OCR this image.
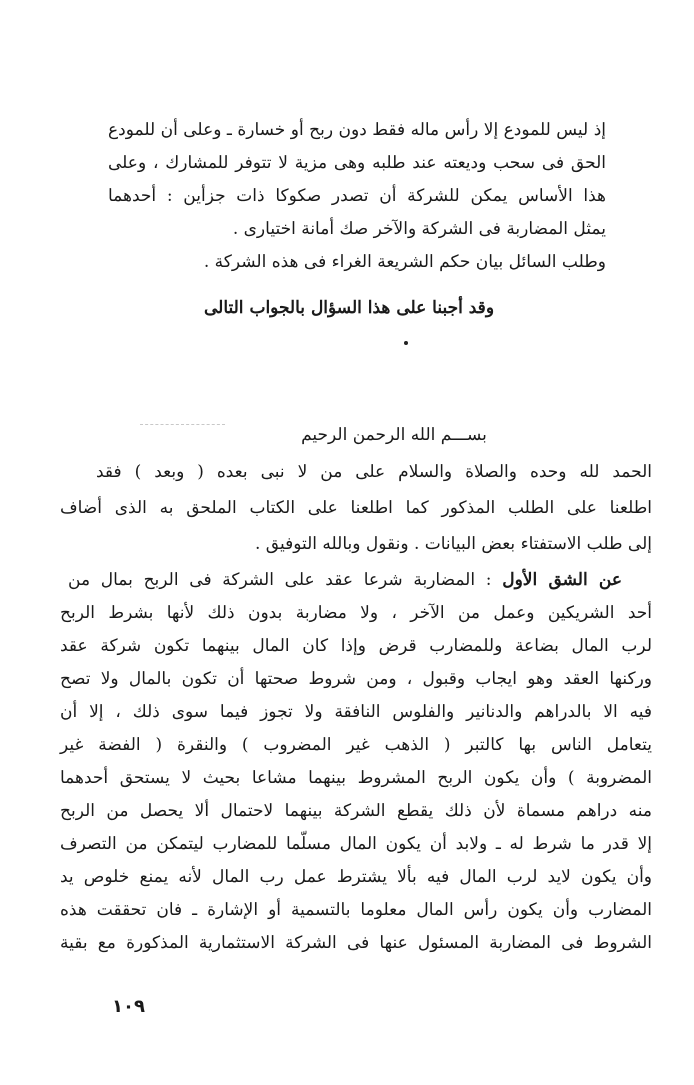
إذ ليس للمودع إلا رأس ماله فقط دون ربح أو خسارة ـ وعلى أن للمودع
الحق فى سحب وديعته عند طلبه وهى مزية لا تتوفر للمشارك ، وعلى
هذا الأساس يمكن للشركة أن تصدر صكوكا ذات جزأين : أحدهما
يمثل المضاربة فى الشركة والآخر صك أمانة اختيارى .
وطلب السائل بيان حكم الشريعة الغراء فى هذه الشركة .
وقد أجبنا على هذا السؤال بالجواب التالى
بســـم الله الرحمن الرحيم
الحمد لله وحده والصلاة والسلام على من لا نبى بعده ( وبعد ) فقد
اطلعنا على الطلب المذكور كما اطلعنا على الكتاب الملحق به الذى أضاف
إلى طلب الاستفتاء بعض البيانات . ونقول وبالله التوفيق .
عن الشق الأول : المضاربة شرعا عقد على الشركة فى الربح بمال من
أحد الشريكين وعمل من الآخر ، ولا مضاربة بدون ذلك لأنها بشرط الربح
لرب المال بضاعة وللمضارب قرض وإذا كان المال بينهما تكون شركة عقد
وركنها العقد وهو ايجاب وقبول ، ومن شروط صحتها أن تكون بالمال ولا تصح
فيه الا بالدراهم والدنانير والفلوس النافقة ولا تجوز فيما سوى ذلك ، إلا أن
يتعامل الناس بها كالتبر ( الذهب غير المضروب ) والنقرة ( الفضة غير
المضروبة ) وأن يكون الربح المشروط بينهما مشاعا بحيث لا يستحق أحدهما
منه دراهم مسماة لأن ذلك يقطع الشركة بينهما لاحتمال ألا يحصل من الربح
إلا قدر ما شرط له ـ ولابد أن يكون المال مسلّما للمضارب ليتمكن من التصرف
وأن يكون لايد لرب المال فيه بألا يشترط عمل رب المال لأنه يمنع خلوص يد
المضارب وأن يكون رأس المال معلوما بالتسمية أو الإشارة ـ فان تحققت هذه
الشروط فى المضاربة المسئول عنها فى الشركة الاستثمارية المذكورة مع بقية
١٠٩
